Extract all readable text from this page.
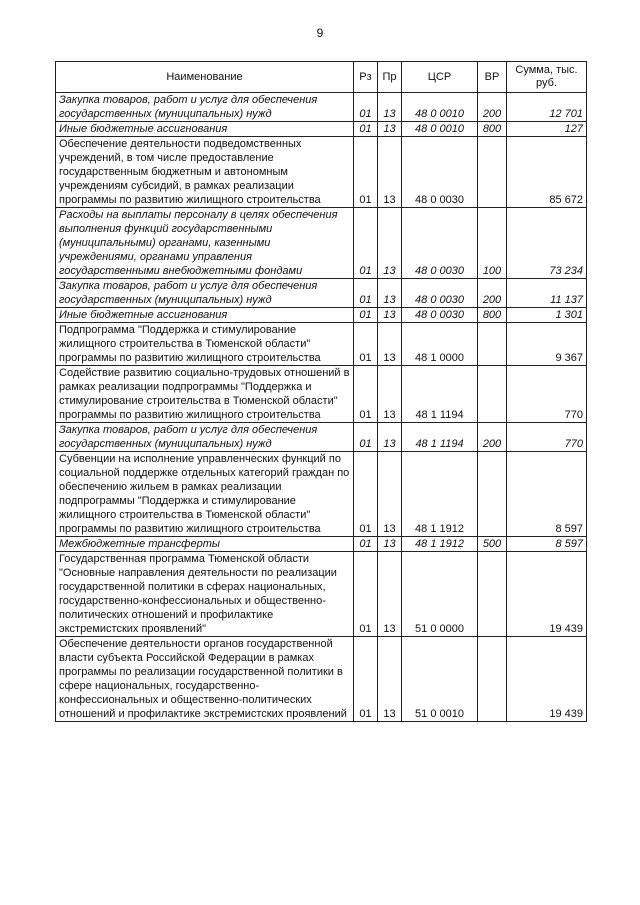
9
Наименование	Рз	Пр	ЦСР	ВР	Сумма, тыс. руб.
Закупка товаров, работ и услуг для обеспечения государственных (муниципальных) нужд	01	13	48 0 0010	200	12 701
Иные бюджетные ассигнования	01	13	48 0 0010	800	127
Обеспечение деятельности подведомственных учреждений, в том числе предоставление государственным бюджетным и автономным учреждениям субсидий, в рамках реализации программы по развитию жилищного строительства	01	13	48 0 0030		85 672
Расходы на выплаты персоналу в целях обеспечения выполнения функций государственными (муниципальными) органами, казенными учреждениями, органами управления государственными внебюджетными фондами	01	13	48 0 0030	100	73 234
Закупка товаров, работ и услуг для обеспечения государственных (муниципальных) нужд	01	13	48 0 0030	200	11 137
Иные бюджетные ассигнования	01	13	48 0 0030	800	1 301
Подпрограмма "Поддержка и стимулирование жилищного строительства в Тюменской области" программы по развитию жилищного строительства	01	13	48 1 0000		9 367
Содействие развитию социально-трудовых отношений в рамках реализации подпрограммы "Поддержка и стимулирование строительства в Тюменской области" программы по развитию жилищного строительства	01	13	48 1 1194		770
Закупка товаров, работ и услуг для обеспечения государственных (муниципальных) нужд	01	13	48 1 1194	200	770
Субвенции на исполнение управленческих функций по социальной поддержке отдельных категорий граждан по обеспечению жильем в рамках реализации подпрограммы "Поддержка и стимулирование жилищного строительства в Тюменской области" программы по развитию жилищного строительства	01	13	48 1 1912		8 597
Межбюджетные трансферты	01	13	48 1 1912	500	8 597
Государственная программа Тюменской области "Основные направления деятельности по реализации государственной политики в сферах национальных, государственно-конфессиональных и общественно-политических отношений и профилактике экстремистских проявлений"	01	13	51 0 0000		19 439
Обеспечение деятельности органов государственной власти субъекта Российской Федерации в рамках программы по реализации государственной политики в сфере национальных, государственно-конфессиональных и общественно-политических отношений и профилактике экстремистских проявлений	01	13	51 0 0010		19 439
